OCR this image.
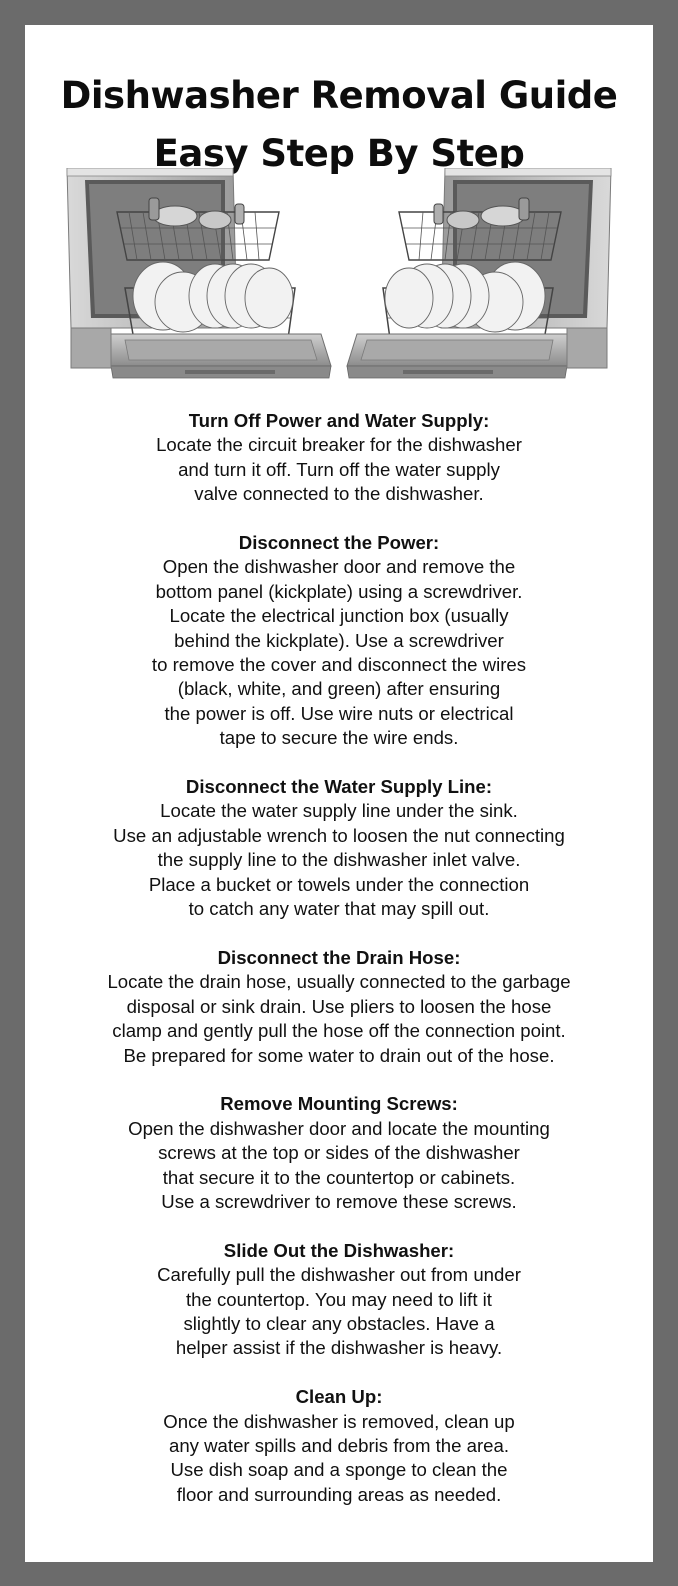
Dishwasher Removal Guide
Easy Step By Step
Turn Off Power and Water Supply:
Locate the circuit breaker for the dishwasher
and turn it off. Turn off the water supply
valve connected to the dishwasher.
Disconnect the Power:
Open the dishwasher door and remove the
bottom panel (kickplate) using a screwdriver.
Locate the electrical junction box (usually
behind the kickplate). Use a screwdriver
to remove the cover and disconnect the wires
(black, white, and green) after ensuring
the power is off. Use wire nuts or electrical
tape to secure the wire ends.
Disconnect the Water Supply Line:
Locate the water supply line under the sink.
Use an adjustable wrench to loosen the nut connecting
the supply line to the dishwasher inlet valve.
Place a bucket or towels under the connection
to catch any water that may spill out.
Disconnect the Drain Hose:
Locate the drain hose, usually connected to the garbage
disposal or sink drain. Use pliers to loosen the hose
clamp and gently pull the hose off the connection point.
Be prepared for some water to drain out of the hose.
Remove Mounting Screws:
Open the dishwasher door and locate the mounting
screws at the top or sides of the dishwasher
that secure it to the countertop or cabinets.
Use a screwdriver to remove these screws.
Slide Out the Dishwasher:
Carefully pull the dishwasher out from under
the countertop. You may need to lift it
slightly to clear any obstacles. Have a
helper assist if the dishwasher is heavy.
Clean Up:
Once the dishwasher is removed, clean up
any water spills and debris from the area.
Use dish soap and a sponge to clean the
floor and surrounding areas as needed.
